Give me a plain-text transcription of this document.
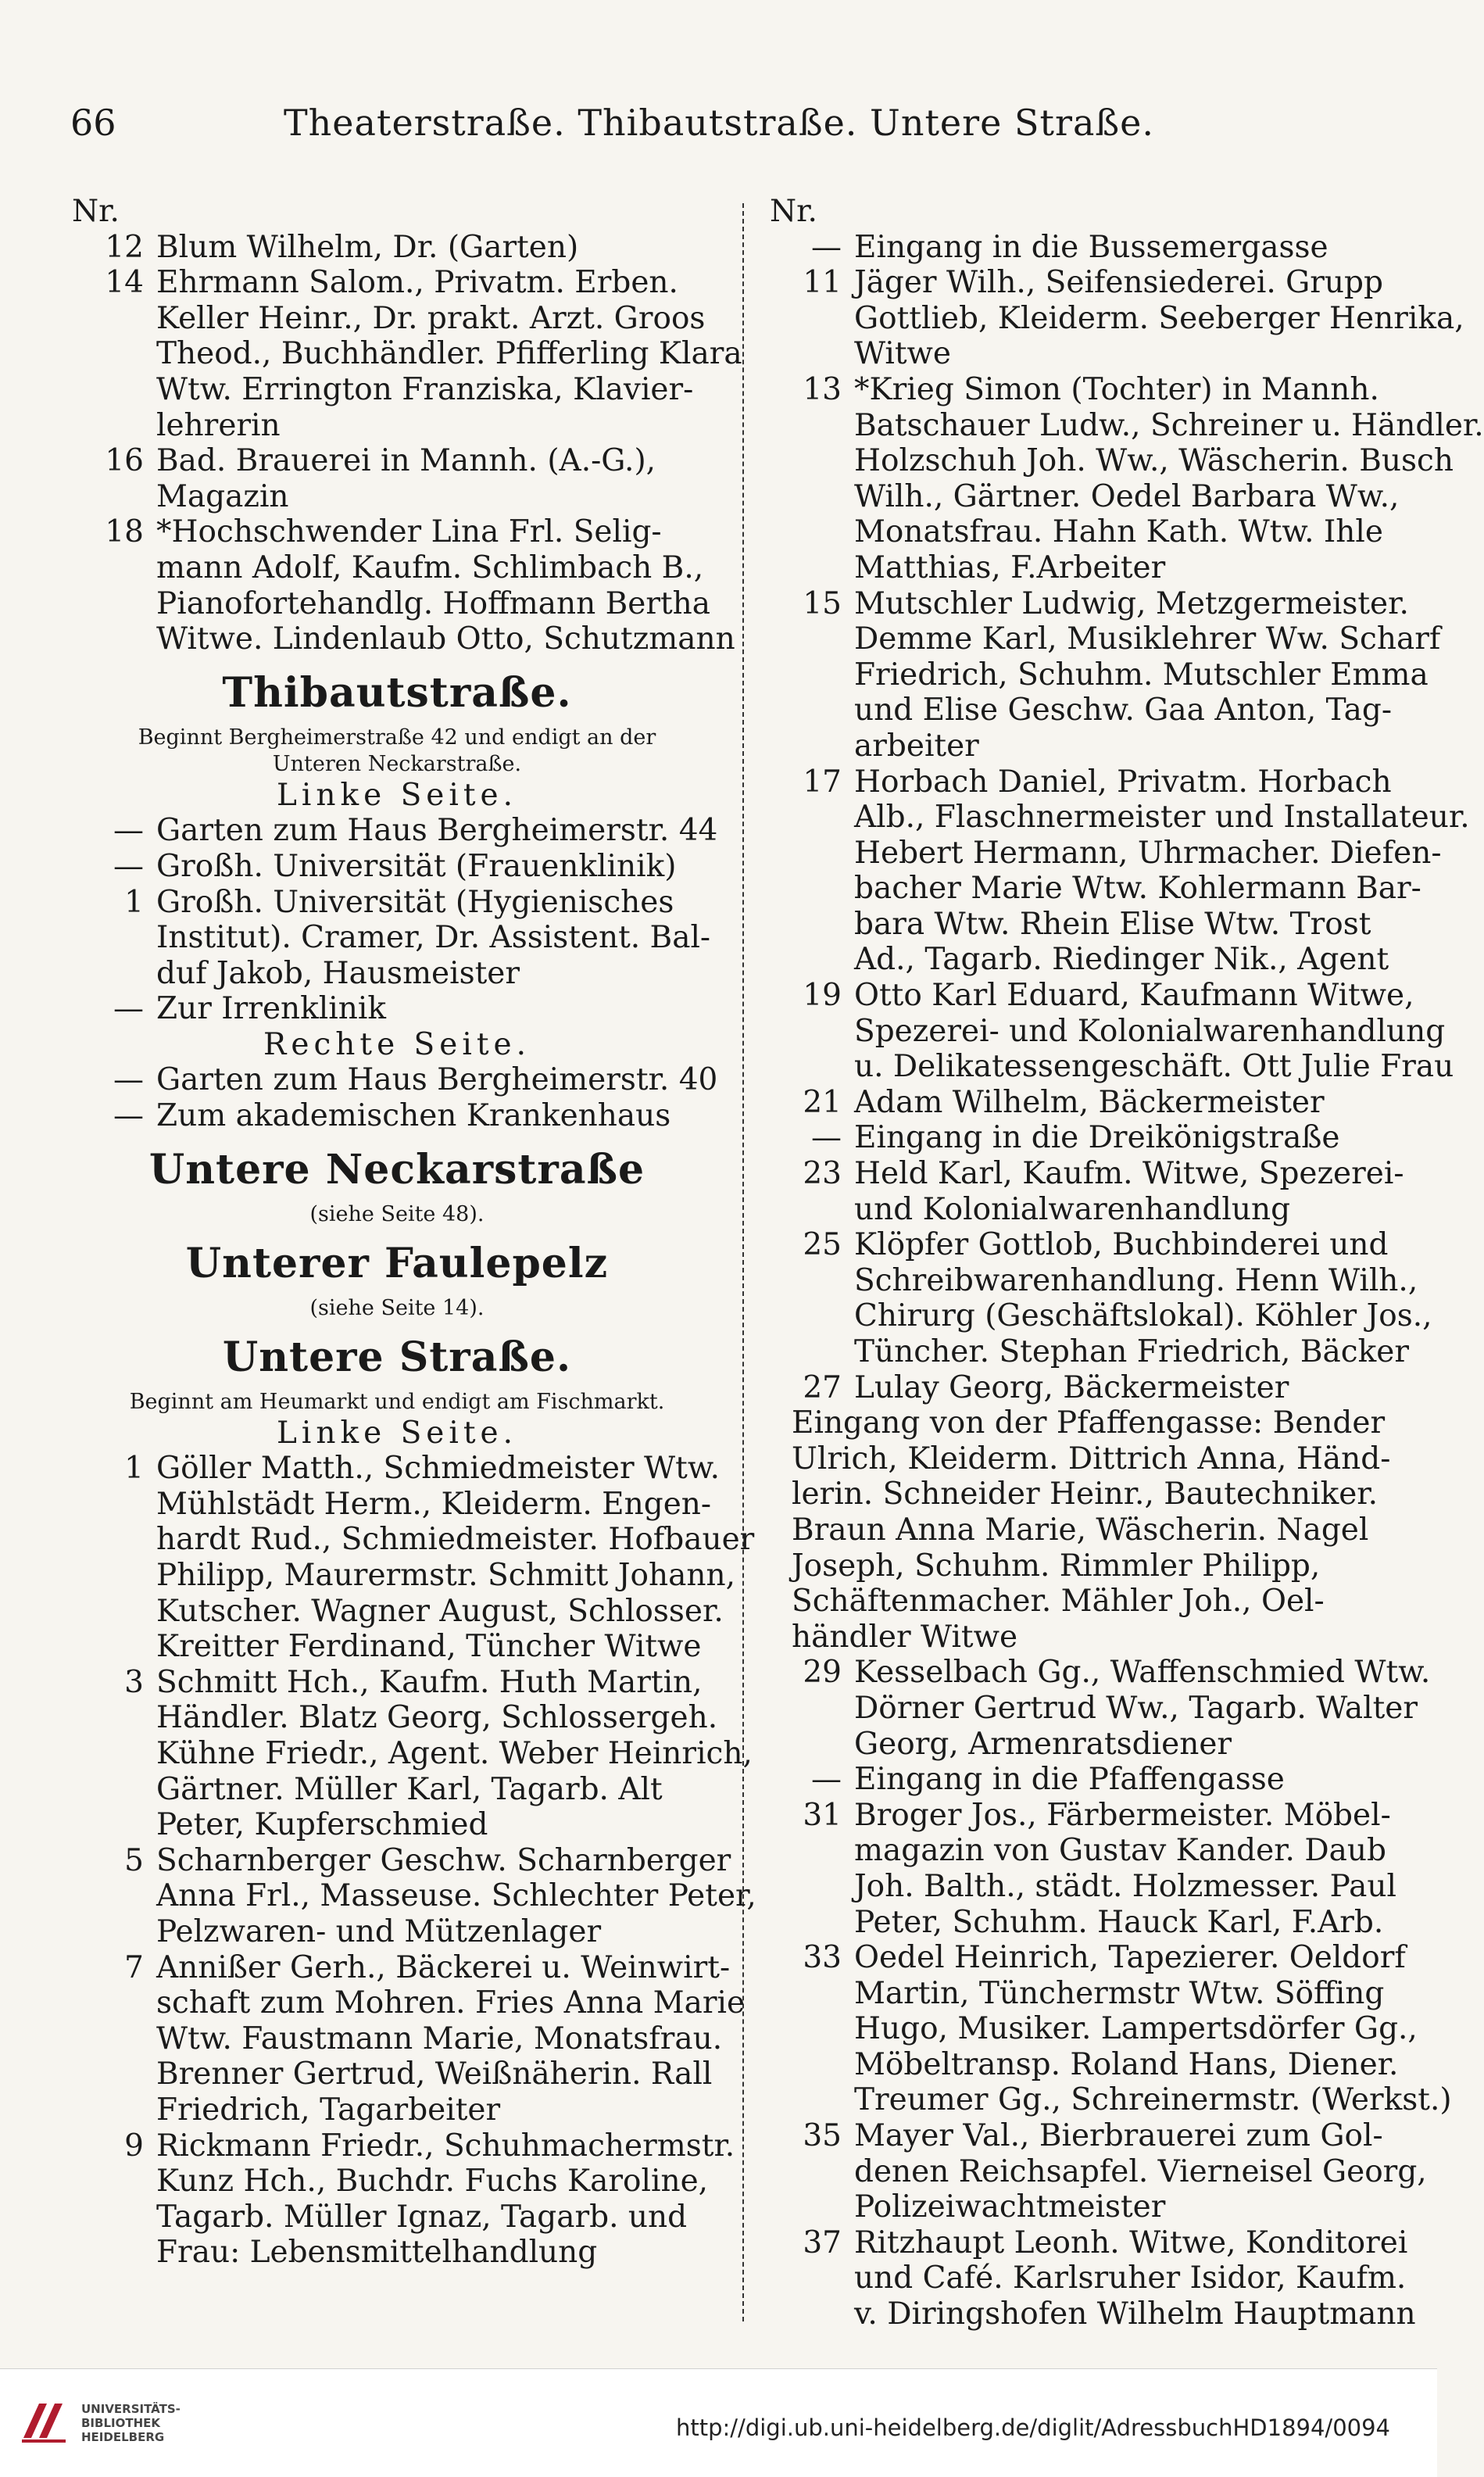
66	Theaterstraße. Thibautstraße. Untere Straße.
Nr.
12 Blum Wilhelm, Dr. (Garten)
14 Ehrmann Salom., Privatm. Erben.
Keller Heinr., Dr. prakt. Arzt. Groos
Theod., Buchhändler. Pfifferling Klara
Wtw. Errington Franziska, Klavier-
lehrerin
16 Bad. Brauerei in Mannh. (A.-G.),
Magazin
18 *Hochschwender Lina Frl. Selig-
mann Adolf, Kaufm. Schlimbach B.,
Pianofortehandlg. Hoffmann Bertha
Witwe. Lindenlaub Otto, Schutzmann
Thibautstraße.
Beginnt Bergheimerstraße 42 und endigt an der
Unteren Neckarstraße.
Linke Seite.
— Garten zum Haus Bergheimerstr. 44
— Großh. Universität (Frauenklinik)
1 Großh. Universität (Hygienisches
Institut). Cramer, Dr. Assistent. Bal-
duf Jakob, Hausmeister
— Zur Irrenklinik
Rechte Seite.
— Garten zum Haus Bergheimerstr. 40
— Zum akademischen Krankenhaus
Untere Neckarstraße
(siehe Seite 48).
Unterer Faulepelz
(siehe Seite 14).
Untere Straße.
Beginnt am Heumarkt und endigt am Fischmarkt.
Linke Seite.
1 Göller Matth., Schmiedmeister Wtw.
Mühlstädt Herm., Kleiderm. Engen-
hardt Rud., Schmiedmeister. Hofbauer
Philipp, Maurermstr. Schmitt Johann,
Kutscher. Wagner August, Schlosser.
Kreitter Ferdinand, Tüncher Witwe
3 Schmitt Hch., Kaufm. Huth Martin,
Händler. Blatz Georg, Schlossergeh.
Kühne Friedr., Agent. Weber Heinrich,
Gärtner. Müller Karl, Tagarb. Alt
Peter, Kupferschmied
5 Scharnberger Geschw. Scharnberger
Anna Frl., Masseuse. Schlechter Peter,
Pelzwaren- und Mützenlager
7 Annißer Gerh., Bäckerei u. Weinwirt-
schaft zum Mohren. Fries Anna Marie
Wtw. Faustmann Marie, Monatsfrau.
Brenner Gertrud, Weißnäherin. Rall
Friedrich, Tagarbeiter
9 Rickmann Friedr., Schuhmachermstr.
Kunz Hch., Buchdr. Fuchs Karoline,
Tagarb. Müller Ignaz, Tagarb. und
Frau: Lebensmittelhandlung
Nr.
— Eingang in die Bussemergasse
11 Jäger Wilh., Seifensiederei. Grupp
Gottlieb, Kleiderm. Seeberger Henrika,
Witwe
13 *Krieg Simon (Tochter) in Mannh.
Batschauer Ludw., Schreiner u. Händler.
Holzschuh Joh. Ww., Wäscherin. Busch
Wilh., Gärtner. Oedel Barbara Ww.,
Monatsfrau. Hahn Kath. Wtw. Ihle
Matthias, F.Arbeiter
15 Mutschler Ludwig, Metzgermeister.
Demme Karl, Musiklehrer Ww. Scharf
Friedrich, Schuhm. Mutschler Emma
und Elise Geschw. Gaa Anton, Tag-
arbeiter
17 Horbach Daniel, Privatm. Horbach
Alb., Flaschnermeister und Installateur.
Hebert Hermann, Uhrmacher. Diefen-
bacher Marie Wtw. Kohlermann Bar-
bara Wtw. Rhein Elise Wtw. Trost
Ad., Tagarb. Riedinger Nik., Agent
19 Otto Karl Eduard, Kaufmann Witwe,
Spezerei- und Kolonialwarenhandlung
u. Delikatessengeschäft. Ott Julie Frau
21 Adam Wilhelm, Bäckermeister
— Eingang in die Dreikönigstraße
23 Held Karl, Kaufm. Witwe, Spezerei-
und Kolonialwarenhandlung
25 Klöpfer Gottlob, Buchbinderei und
Schreibwarenhandlung. Henn Wilh.,
Chirurg (Geschäftslokal). Köhler Jos.,
Tüncher. Stephan Friedrich, Bäcker
27 Lulay Georg, Bäckermeister
Eingang von der Pfaffengasse: Bender
Ulrich, Kleiderm. Dittrich Anna, Händ-
lerin. Schneider Heinr., Bautechniker.
Braun Anna Marie, Wäscherin. Nagel
Joseph, Schuhm. Rimmler Philipp,
Schäftenmacher. Mähler Joh., Oel-
händler Witwe
29 Kesselbach Gg., Waffenschmied Wtw.
Dörner Gertrud Ww., Tagarb. Walter
Georg, Armenratsdiener
— Eingang in die Pfaffengasse
31 Broger Jos., Färbermeister. Möbel-
magazin von Gustav Kander. Daub
Joh. Balth., städt. Holzmesser. Paul
Peter, Schuhm. Hauck Karl, F.Arb.
33 Oedel Heinrich, Tapezierer. Oeldorf
Martin, Tünchermstr Wtw. Söffing
Hugo, Musiker. Lampertsdörfer Gg.,
Möbeltransp. Roland Hans, Diener.
Treumer Gg., Schreinermstr. (Werkst.)
35 Mayer Val., Bierbrauerei zum Gol-
denen Reichsapfel. Vierneisel Georg,
Polizeiwachtmeister
37 Ritzhaupt Leonh. Witwe, Konditorei
und Café. Karlsruher Isidor, Kaufm.
v. Diringshofen Wilhelm Hauptmann
UNIVERSITÄTS-
BIBLIOTHEK
HEIDELBERG	http://digi.ub.uni-heidelberg.de/diglit/AdressbuchHD1894/0094
